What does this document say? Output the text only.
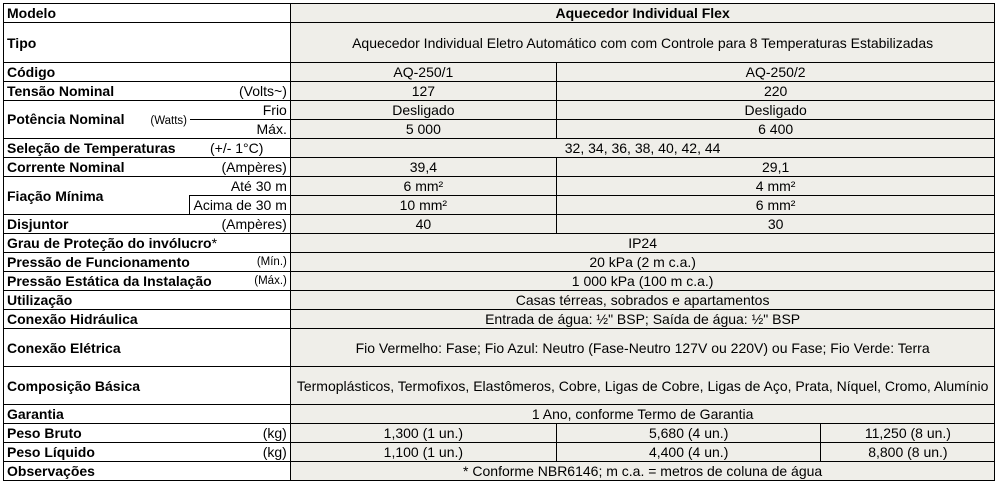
Modelo		Aquecedor Individual Flex		
Tipo		Aquecedor Individual Eletro Automático com com Controle para 8 Temperaturas Estabilizadas		
Código		AQ-250/1	AQ-250/2	
Tensão Nominal	(Volts~)	127	220	
Potência Nominal (Watts)	Frio	Desligado	Desligado	
	Máx.	5 000	6 400	
Seleção de Temperaturas	(+/- 1°C)	32, 34, 36, 38, 40, 42, 44		
Corrente Nominal	(Ampères)	39,4	29,1	
Fiação Mínima	Até 30 m	6 mm²	4 mm²	
	Acima de 30 m	10 mm²	6 mm²	
Disjuntor	(Ampères)	40	30	
Grau de Proteção do invólucro*		IP24		
Pressão de Funcionamento (Mín.)		20 kPa (2 m c.a.)		
Pressão Estática da Instalação (Máx.)		1 000 kPa (100 m c.a.)		
Utilização		Casas térreas, sobrados e apartamentos		
Conexão Hidráulica		Entrada de água: ½" BSP; Saída de água: ½" BSP		
Conexão Elétrica		Fio Vermelho: Fase; Fio Azul: Neutro (Fase-Neutro 127V ou 220V) ou Fase; Fio Verde: Terra		
Composição Básica		Termoplásticos, Termofixos, Elastômeros, Cobre, Ligas de Cobre, Ligas de Aço, Prata, Níquel, Cromo, Alumínio		
Garantia		1 Ano, conforme Termo de Garantia		
Peso Bruto	(kg)	1,300 (1 un.)	5,680 (4 un.)	11,250 (8 un.)
Peso Líquido	(kg)	1,100 (1 un.)	4,400 (4 un.)	8,800 (8 un.)
Observações		* Conforme NBR6146; m c.a. = metros de coluna de água		
